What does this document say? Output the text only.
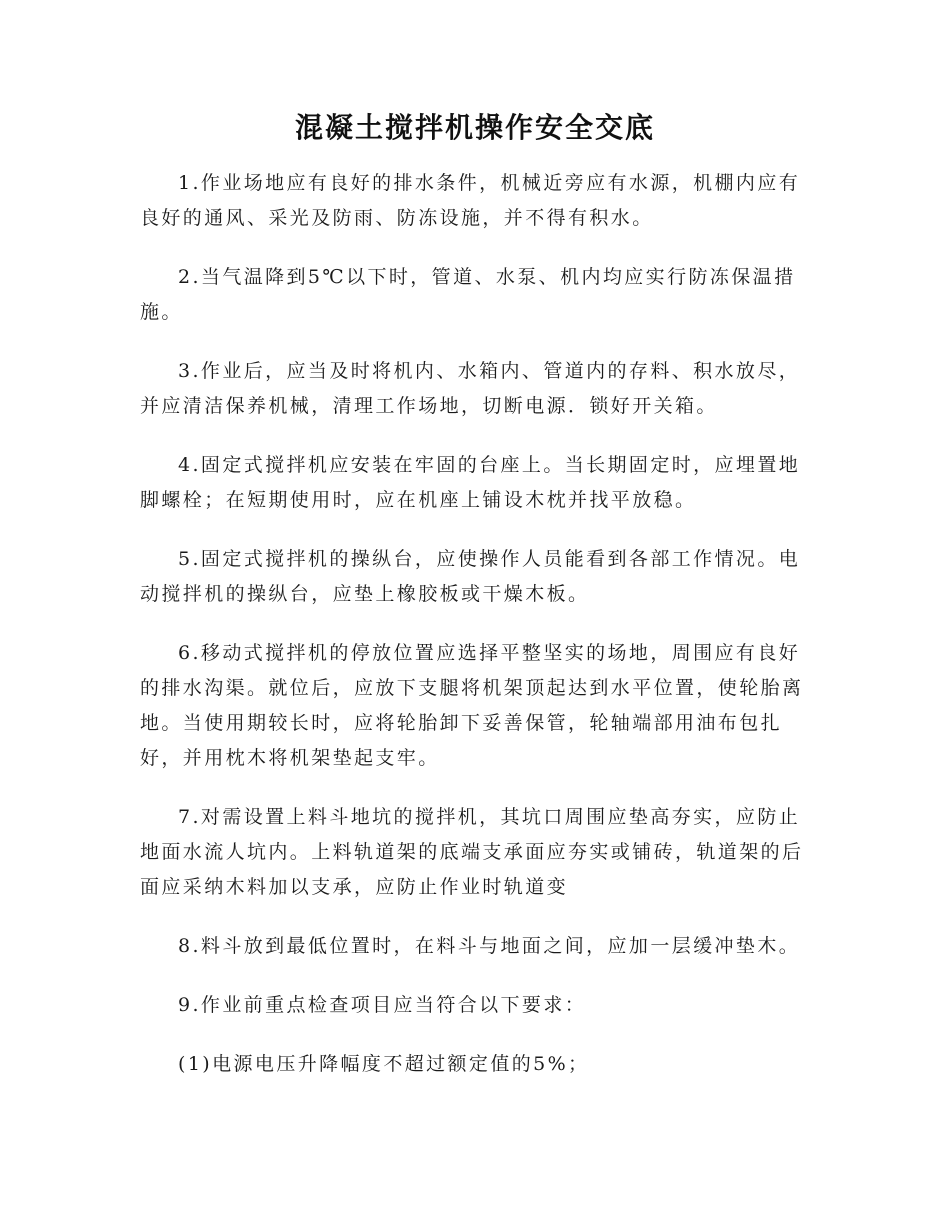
混凝土搅拌机操作安全交底

1.作业场地应有良好的排水条件，机械近旁应有水源，机棚内应有良好的通风、采光及防雨、防冻设施，并不得有积水。

2.当气温降到5℃以下时，管道、水泵、机内均应实行防冻保温措施。

3.作业后，应当及时将机内、水箱内、管道内的存料、积水放尽，并应清洁保养机械，清理工作场地，切断电源．锁好开关箱。

4.固定式搅拌机应安装在牢固的台座上。当长期固定时，应埋置地脚螺栓；在短期使用时，应在机座上铺设木枕并找平放稳。

5.固定式搅拌机的操纵台，应使操作人员能看到各部工作情况。电动搅拌机的操纵台，应垫上橡胶板或干燥木板。

6.移动式搅拌机的停放位置应选择平整坚实的场地，周围应有良好的排水沟渠。就位后，应放下支腿将机架顶起达到水平位置，使轮胎离地。当使用期较长时，应将轮胎卸下妥善保管，轮轴端部用油布包扎好，并用枕木将机架垫起支牢。

7.对需设置上料斗地坑的搅拌机，其坑口周围应垫高夯实，应防止地面水流人坑内。上料轨道架的底端支承面应夯实或铺砖，轨道架的后面应采纳木料加以支承，应防止作业时轨道变

8.料斗放到最低位置时，在料斗与地面之间，应加一层缓冲垫木。

9.作业前重点检查项目应当符合以下要求：

(1)电源电压升降幅度不超过额定值的5%；
